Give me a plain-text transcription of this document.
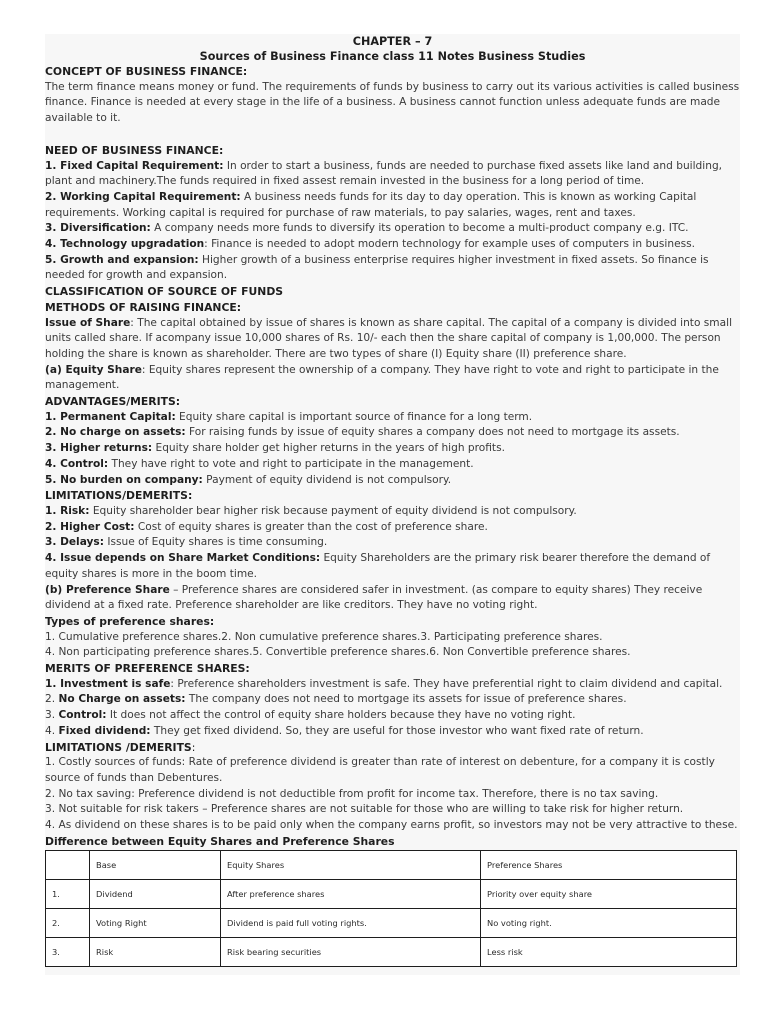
CHAPTER – 7
Sources of Business Finance class 11 Notes Business Studies
CONCEPT OF BUSINESS FINANCE:

The term finance means money or fund. The requirements of funds by business to carry out its various activities is called business finance. Finance is needed at every stage in the life of a business. A business cannot function unless adequate funds are made available to it.

NEED OF BUSINESS FINANCE:

1. Fixed Capital Requirement: In order to start a business, funds are needed to purchase fixed assets like land and building, plant and machinery.The funds required in fixed assest remain invested in the business for a long period of time.

2. Working Capital Requirement: A business needs funds for its day to day operation. This is known as working Capital requirements. Working capital is required for purchase of raw materials, to pay salaries, wages, rent and taxes.

3. Diversification: A company needs more funds to diversify its operation to become a multi-product company e.g. ITC.

4. Technology upgradation: Finance is needed to adopt modern technology for example uses of computers in business.

5. Growth and expansion: Higher growth of a business enterprise requires higher investment in fixed assets. So finance is needed for growth and expansion.

CLASSIFICATION OF SOURCE OF FUNDS
METHODS OF RAISING FINANCE:

Issue of Share: The capital obtained by issue of shares is known as share capital. The capital of a company is divided into small units called share. If acompany issue 10,000 shares of Rs. 10/- each then the share capital of company is 1,00,000. The person holding the share is known as shareholder. There are two types of share (I) Equity share (II) preference share.

(a) Equity Share: Equity shares represent the ownership of a company. They have right to vote and right to participate in the management.

ADVANTAGES/MERITS:

1. Permanent Capital: Equity share capital is important source of finance for a long term.

2. No charge on assets: For raising funds by issue of equity shares a company does not need to mortgage its assets.

3. Higher returns: Equity share holder get higher returns in the years of high profits.

4. Control: They have right to vote and right to participate in the management.

5. No burden on company: Payment of equity dividend is not compulsory.

LIMITATIONS/DEMERITS:

1. Risk: Equity shareholder bear higher risk because payment of equity dividend is not compulsory.

2. Higher Cost: Cost of equity shares is greater than the cost of preference share.

3. Delays: Issue of Equity shares is time consuming.

4. Issue depends on Share Market Conditions: Equity Shareholders are the primary risk bearer therefore the demand of equity shares is more in the boom time.

(b) Preference Share – Preference shares are considered safer in investment. (as compare to equity shares) They receive dividend at a fixed rate. Preference shareholder are like creditors. They have no voting right.

Types of preference shares:

1. Cumulative preference shares.2. Non cumulative preference shares.3. Participating preference shares.

4. Non participating preference shares.5. Convertible preference shares.6. Non Convertible preference shares.

MERITS OF PREFERENCE SHARES:

1. Investment is safe: Preference shareholders investment is safe. They have preferential right to claim dividend and capital.

2. No Charge on assets: The company does not need to mortgage its assets for issue of preference shares.

3. Control: It does not affect the control of equity share holders because they have no voting right.

4. Fixed dividend: They get fixed dividend. So, they are useful for those investor who want fixed rate of return.

LIMITATIONS /DEMERITS:

1. Costly sources of funds: Rate of preference dividend is greater than rate of interest on debenture, for a company it is costly source of funds than Debentures.

2. No tax saving: Preference dividend is not deductible from profit for income tax. Therefore, there is no tax saving.

3. Not suitable for risk takers – Preference shares are not suitable for those who are willing to take risk for higher return.

4. As dividend on these shares is to be paid only when the company earns profit, so investors may not be very attractive to these.

Difference between Equity Shares and Preference Shares
	Base	Equity Shares	Preference Shares
1.	Dividend	After preference shares	Priority over equity share
2.	Voting Right	Dividend is paid full voting rights.	No voting right.
3.	Risk	Risk bearing securities	Less risk
